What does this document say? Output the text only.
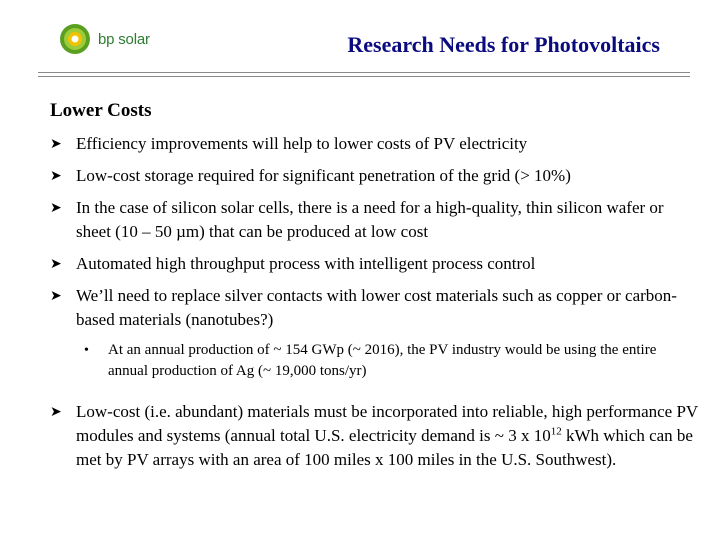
bp solar	Research Needs for Photovoltaics
Lower Costs
➤ Efficiency improvements will help to lower costs of PV electricity
➤ Low-cost storage required for significant penetration of the grid (> 10%)
➤ In the case of silicon solar cells, there is a need for a high-quality, thin silicon wafer or sheet (10 – 50 µm) that can be produced at low cost
➤ Automated high throughput process with intelligent process control
➤ We’ll need to replace silver contacts with lower cost materials such as copper or carbon-based materials (nanotubes?)
• At an annual production of ~ 154 GWp (~ 2016), the PV industry would be using the entire annual production of Ag (~ 19,000 tons/yr)
➤ Low-cost (i.e. abundant) materials must be incorporated into reliable, high performance PV modules and systems (annual total U.S. electricity demand is ~ 3 x $10^{12}$ kWh which can be met by PV arrays with an area of 100 miles x 100 miles in the U.S. Southwest).
